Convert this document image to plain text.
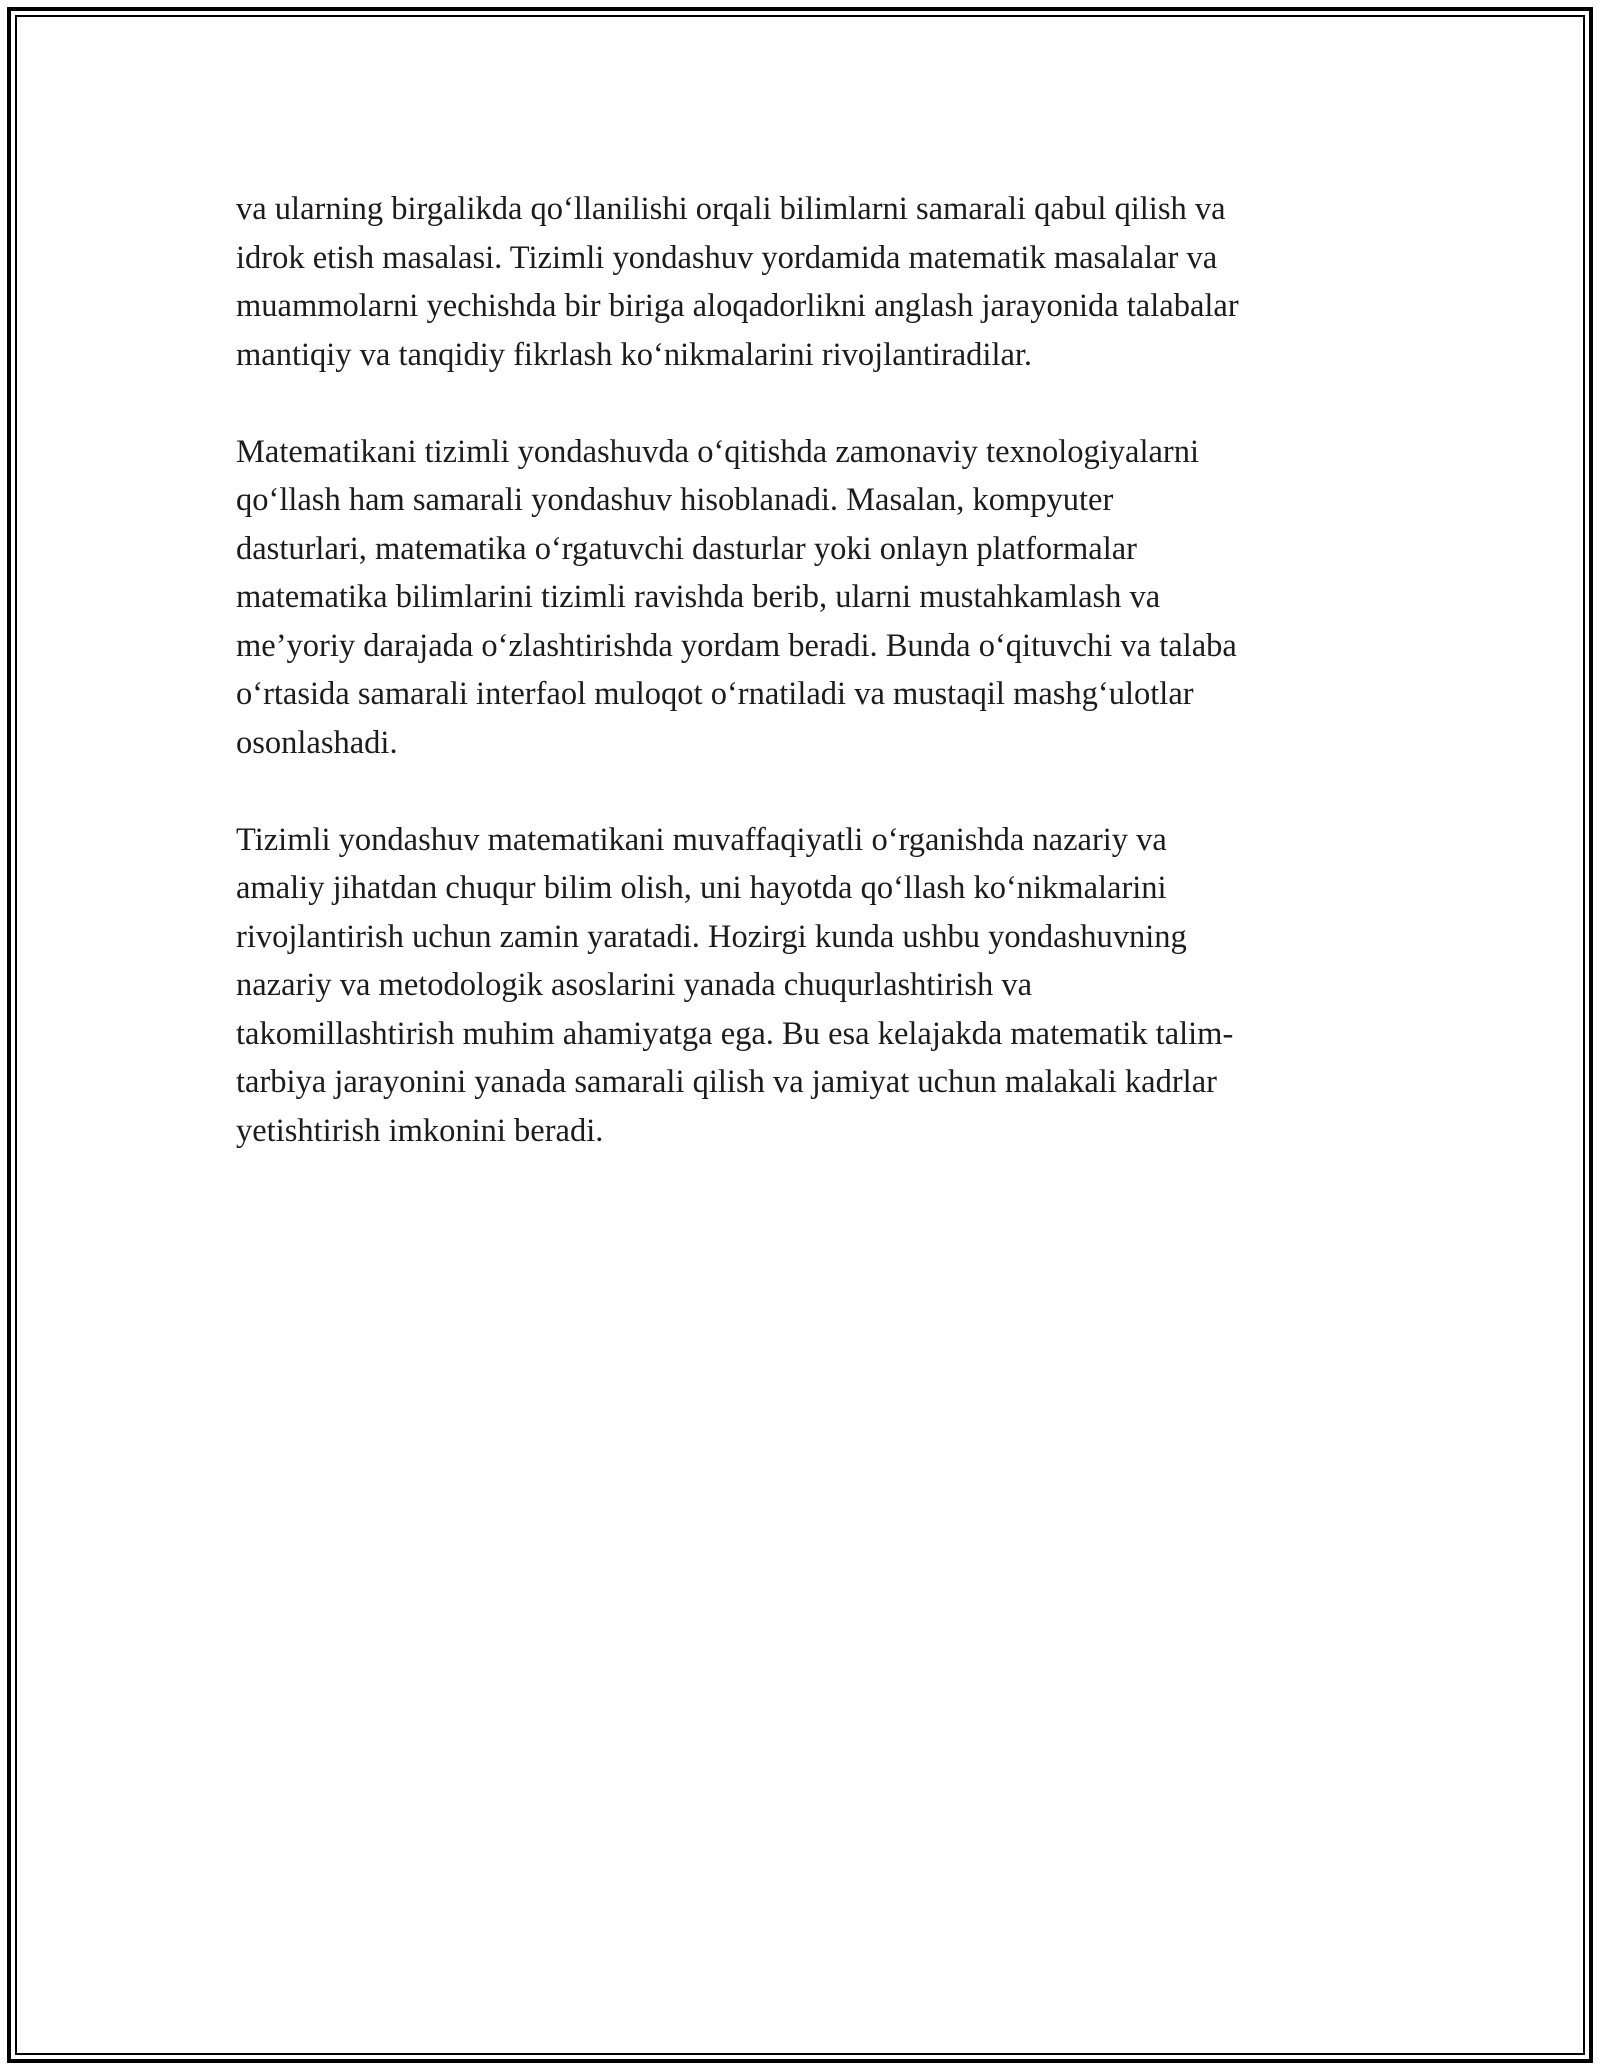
va ularning birgalikda qo‘llanilishi orqali bilimlarni samarali qabul qilish va
idrok etish masalasi. Tizimli yondashuv yordamida matematik masalalar va
muammolarni yechishda bir biriga aloqadorlikni anglash jarayonida talabalar
mantiqiy va tanqidiy fikrlash ko‘nikmalarini rivojlantiradilar.

Matematikani tizimli yondashuvda o‘qitishda zamonaviy texnologiyalarni
qo‘llash ham samarali yondashuv hisoblanadi. Masalan, kompyuter
dasturlari, matematika o‘rgatuvchi dasturlar yoki onlayn platformalar
matematika bilimlarini tizimli ravishda berib, ularni mustahkamlash va
me’yoriy darajada o‘zlashtirishda yordam beradi. Bunda o‘qituvchi va talaba
o‘rtasida samarali interfaol muloqot o‘rnatiladi va mustaqil mashg‘ulotlar
osonlashadi.

Tizimli yondashuv matematikani muvaffaqiyatli o‘rganishda nazariy va
amaliy jihatdan chuqur bilim olish, uni hayotda qo‘llash ko‘nikmalarini
rivojlantirish uchun zamin yaratadi. Hozirgi kunda ushbu yondashuvning
nazariy va metodologik asoslarini yanada chuqurlashtirish va
takomillashtirish muhim ahamiyatga ega. Bu esa kelajakda matematik talim-
tarbiya jarayonini yanada samarali qilish va jamiyat uchun malakali kadrlar
yetishtirish imkonini beradi.
